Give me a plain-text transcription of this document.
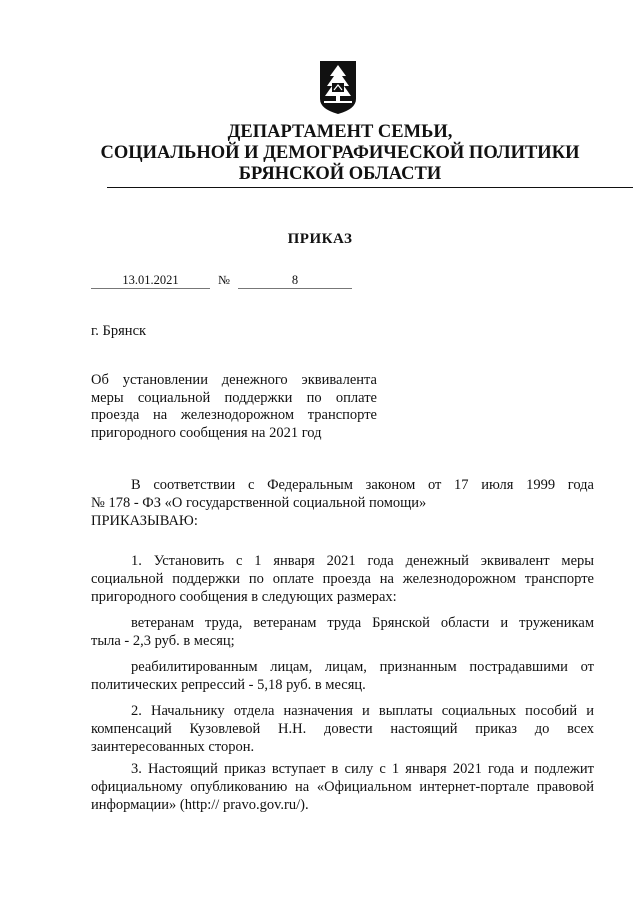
ДЕПАРТАМЕНТ СЕМЬИ,
СОЦИАЛЬНОЙ И ДЕМОГРАФИЧЕСКОЙ ПОЛИТИКИ
БРЯНСКОЙ ОБЛАСТИ
ПРИКАЗ
13.01.2021	№	8
г. Брянск
Об установлении денежного эквивалента
меры социальной поддержки по оплате
проезда на железнодорожном транспорте
пригородного сообщения на 2021 год
В соответствии с Федеральным законом от 17 июля 1999 года
№ 178 - ФЗ «О государственной социальной помощи»
ПРИКАЗЫВАЮ:
1. Установить с 1 января 2021 года денежный эквивалент меры
социальной поддержки по оплате проезда на железнодорожном транспорте
пригородного сообщения в следующих размерах:
ветеранам труда, ветеранам труда Брянской области и труженикам
тыла - 2,3 руб. в месяц;
реабилитированным лицам, лицам, признанным пострадавшими от
политических репрессий - 5,18 руб. в месяц.
2. Начальнику отдела назначения и выплаты социальных пособий и
компенсаций Кузовлевой Н.Н. довести настоящий приказ до всех
заинтересованных сторон.
3. Настоящий приказ вступает в силу с 1 января 2021 года и подлежит
официальному опубликованию на «Официальном интернет-портале правовой
информации» (http:// pravo.gov.ru/).
